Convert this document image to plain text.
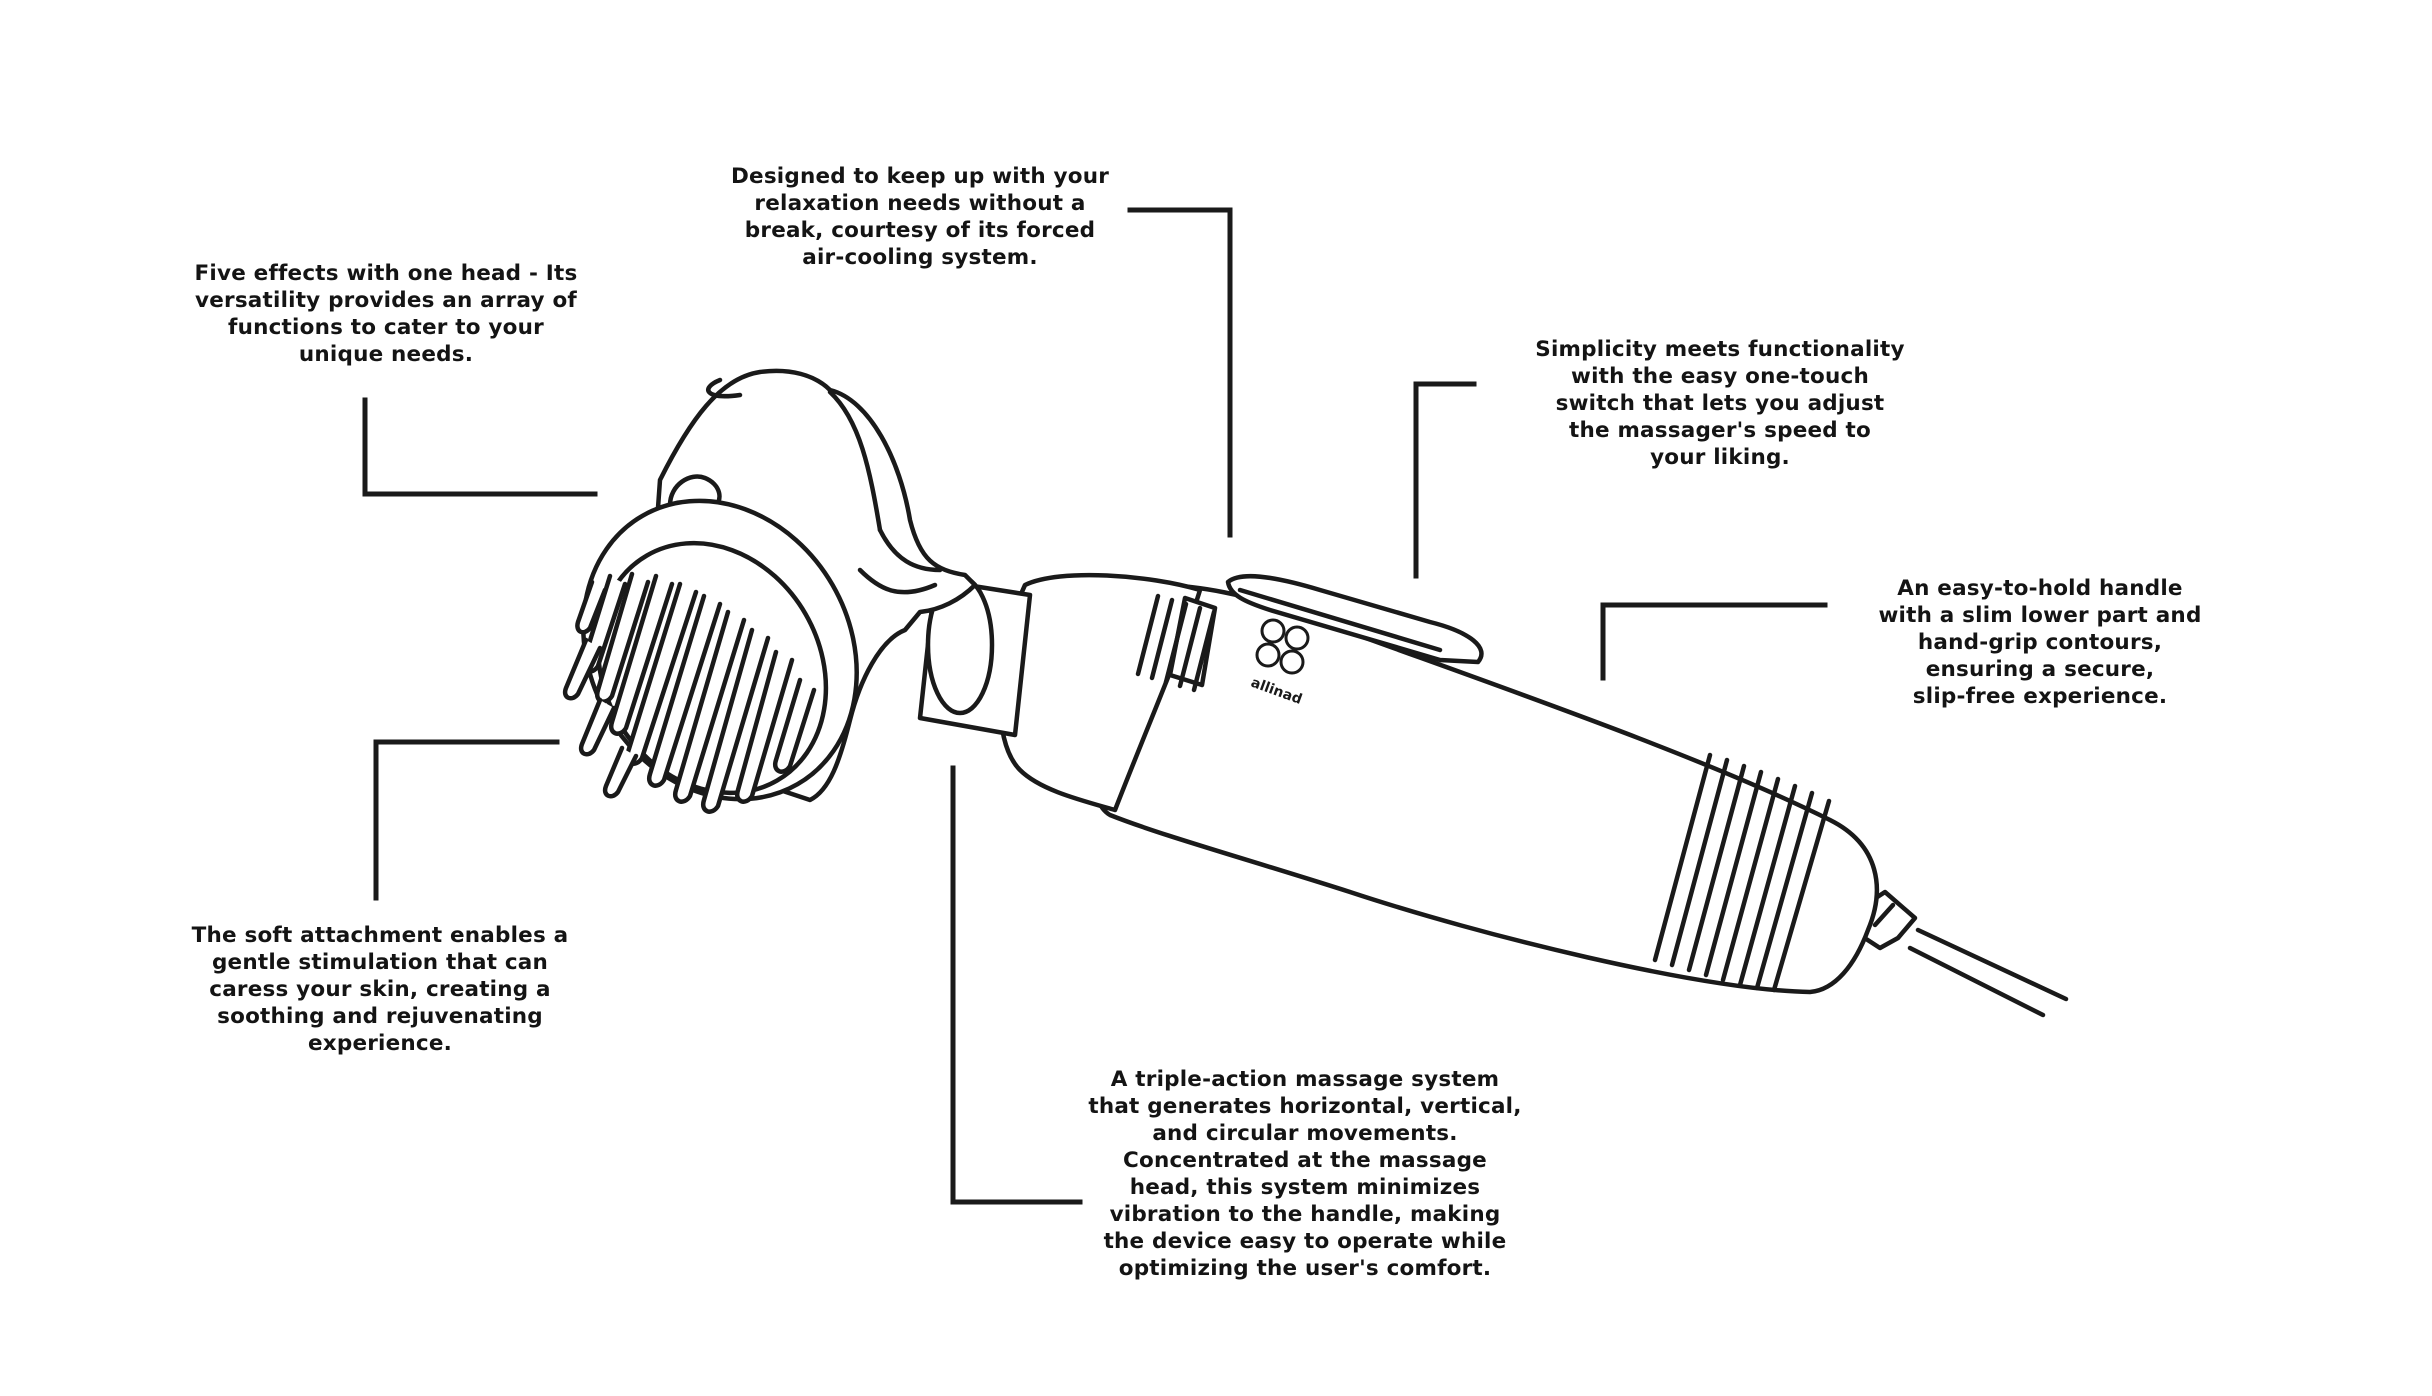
allinad
Five effects with one head - Its
versatility provides an array of
functions to cater to your
unique needs.
Designed to keep up with your
relaxation needs without a
break, courtesy of its forced
air-cooling system.
Simplicity meets functionality
with the easy one-touch
switch that lets you adjust
the massager's speed to
your liking.
An easy-to-hold handle
with a slim lower part and
hand-grip contours,
ensuring a secure,
slip-free experience.
The soft attachment enables a
gentle stimulation that can
caress your skin, creating a
soothing and rejuvenating
experience.
A triple-action massage system
that generates horizontal, vertical,
and circular movements.
Concentrated at the massage
head, this system minimizes
vibration to the handle, making
the device easy to operate while
optimizing the user's comfort.
